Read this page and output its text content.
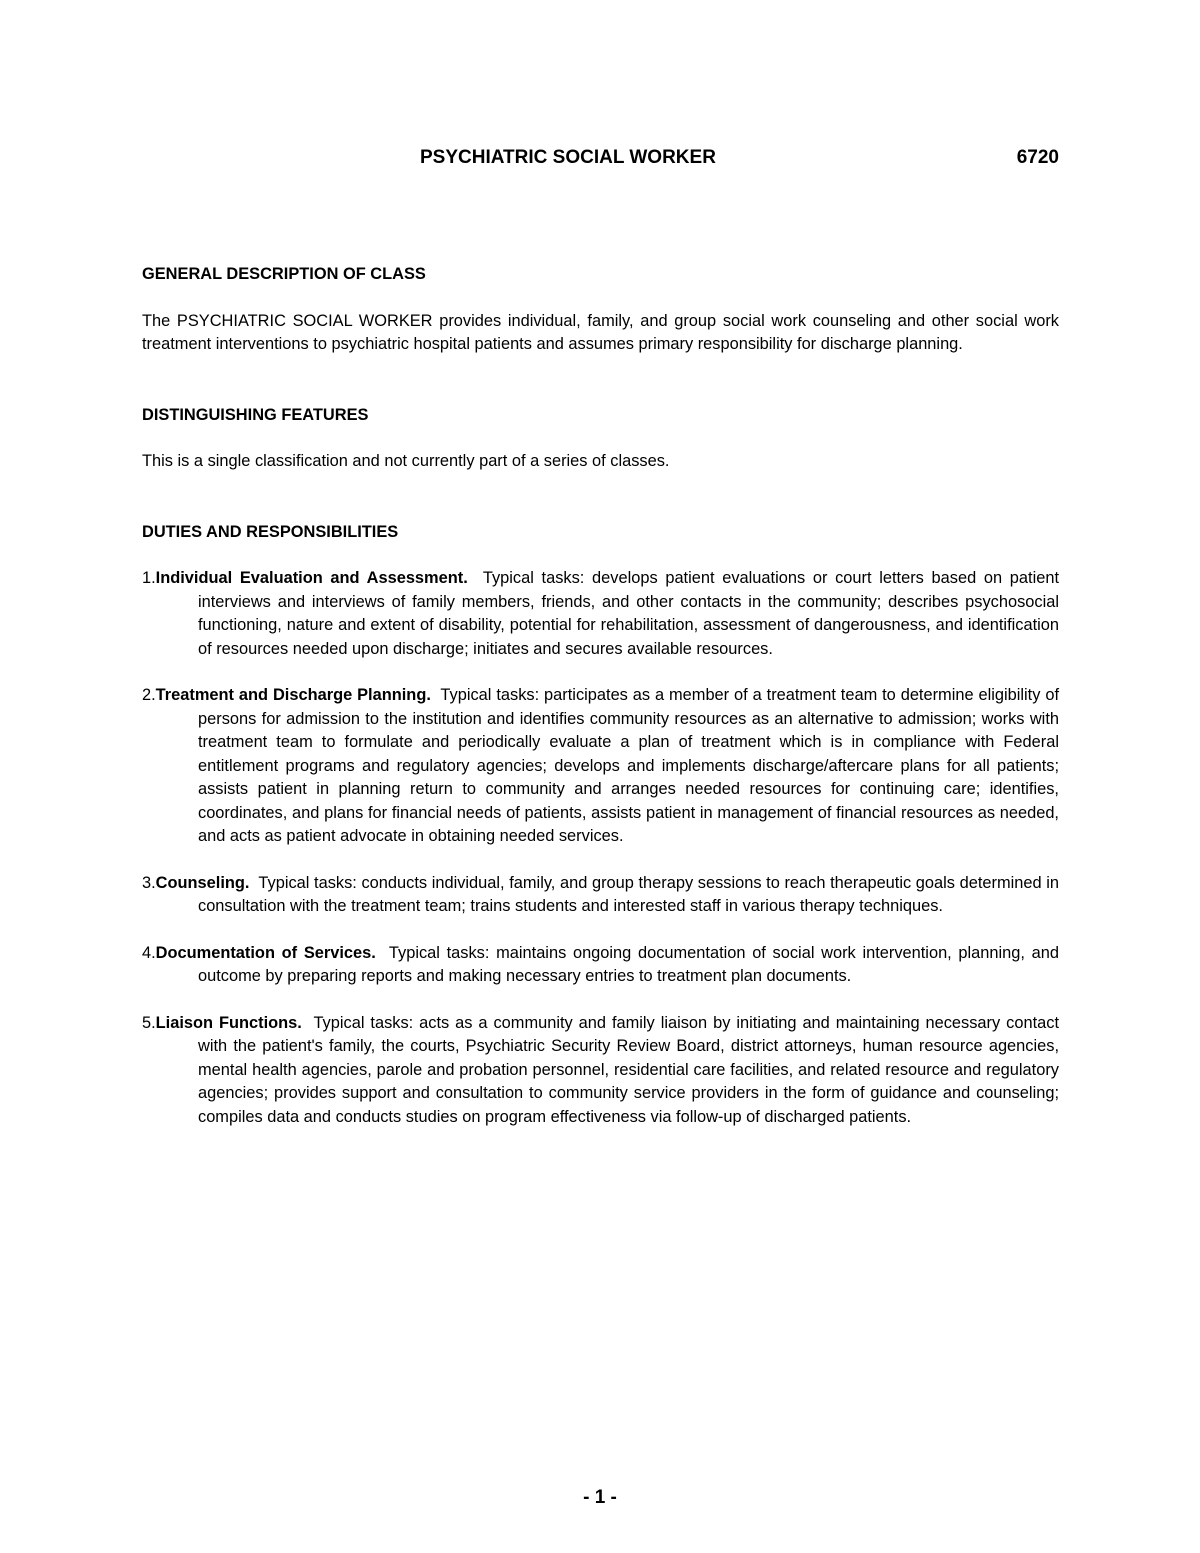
PSYCHIATRIC SOCIAL WORKER	6720
GENERAL DESCRIPTION OF CLASS

The PSYCHIATRIC SOCIAL WORKER provides individual, family, and group social work counseling and other social work treatment interventions to psychiatric hospital patients and assumes primary responsibility for discharge planning.

DISTINGUISHING FEATURES

This is a single classification and not currently part of a series of classes.

DUTIES AND RESPONSIBILITIES

1.Individual Evaluation and Assessment. Typical tasks: develops patient evaluations or court letters based on patient interviews and interviews of family members, friends, and other contacts in the community; describes psychosocial functioning, nature and extent of disability, potential for rehabilitation, assessment of dangerousness, and identification of resources needed upon discharge; initiates and secures available resources.

2.Treatment and Discharge Planning. Typical tasks: participates as a member of a treatment team to determine eligibility of persons for admission to the institution and identifies community resources as an alternative to admission; works with treatment team to formulate and periodically evaluate a plan of treatment which is in compliance with Federal entitlement programs and regulatory agencies; develops and implements discharge/aftercare plans for all patients; assists patient in planning return to community and arranges needed resources for continuing care; identifies, coordinates, and plans for financial needs of patients, assists patient in management of financial resources as needed, and acts as patient advocate in obtaining needed services.

3.Counseling. Typical tasks: conducts individual, family, and group therapy sessions to reach therapeutic goals determined in consultation with the treatment team; trains students and interested staff in various therapy techniques.

4.Documentation of Services. Typical tasks: maintains ongoing documentation of social work intervention, planning, and outcome by preparing reports and making necessary entries to treatment plan documents.

5.Liaison Functions. Typical tasks: acts as a community and family liaison by initiating and maintaining necessary contact with the patient's family, the courts, Psychiatric Security Review Board, district attorneys, human resource agencies, mental health agencies, parole and probation personnel, residential care facilities, and related resource and regulatory agencies; provides support and consultation to community service providers in the form of guidance and counseling; compiles data and conducts studies on program effectiveness via follow-up of discharged patients.

- 1 -
